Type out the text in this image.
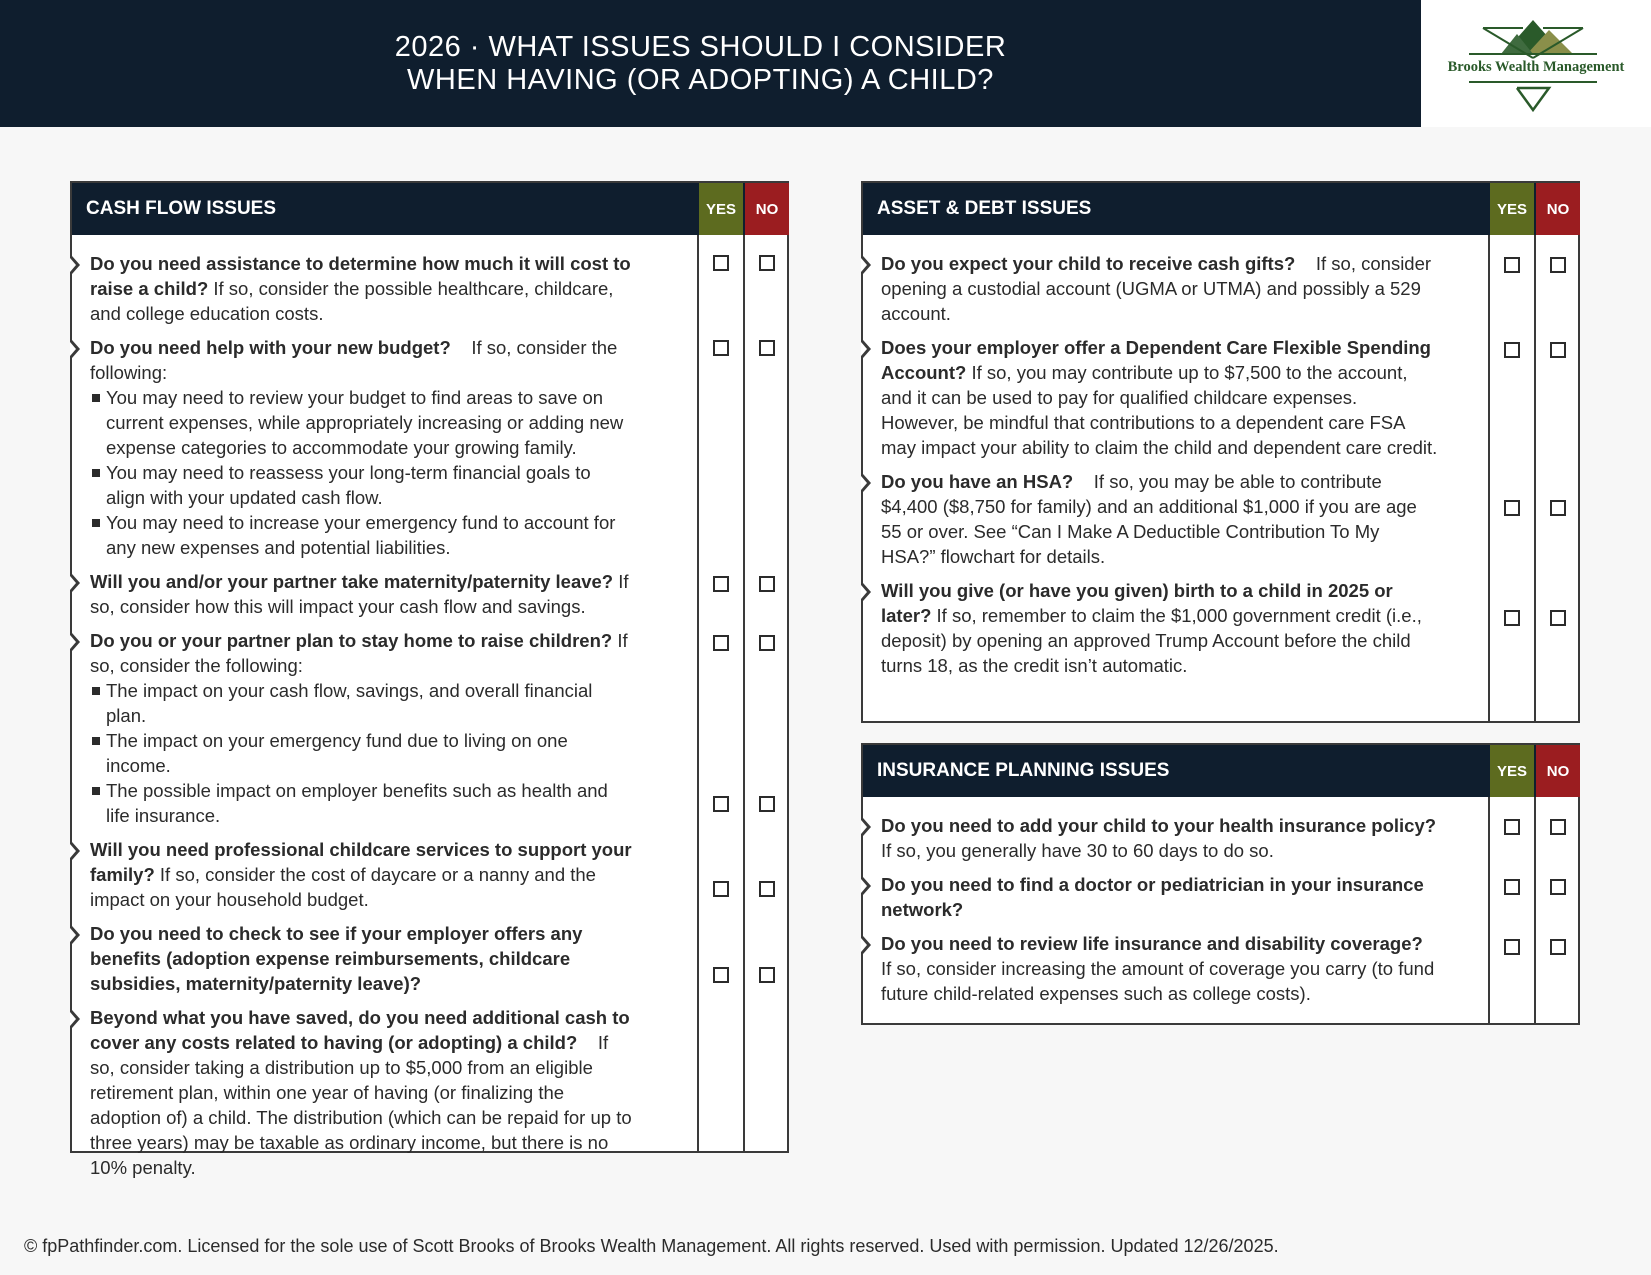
2026 · WHAT ISSUES SHOULD I CONSIDER
WHEN HAVING (OR ADOPTING) A CHILD?	Brooks Wealth Management
CASH FLOW ISSUES	YES	NO
Do you need assistance to determine how much it will cost to raise a child? If so, consider the possible healthcare, childcare, and college education costs.
Do you need help with your new budget? If so, consider the following:
You may need to review your budget to find areas to save on current expenses, while appropriately increasing or adding new expense categories to accommodate your growing family.
You may need to reassess your long-term financial goals to align with your updated cash flow.
You may need to increase your emergency fund to account for any new expenses and potential liabilities.
Will you and/or your partner take maternity/paternity leave? If so, consider how this will impact your cash flow and savings.
Do you or your partner plan to stay home to raise children? If so, consider the following:
The impact on your cash flow, savings, and overall financial plan.
The impact on your emergency fund due to living on one income.
The possible impact on employer benefits such as health and life insurance.
Will you need professional childcare services to support your family? If so, consider the cost of daycare or a nanny and the impact on your household budget.
Do you need to check to see if your employer offers any benefits (adoption expense reimbursements, childcare subsidies, maternity/paternity leave)?
Beyond what you have saved, do you need additional cash to cover any costs related to having (or adopting) a child? If so, consider taking a distribution up to $5,000 from an eligible retirement plan, within one year of having (or finalizing the adoption of) a child. The distribution (which can be repaid for up to three years) may be taxable as ordinary income, but there is no 10% penalty.
ASSET & DEBT ISSUES	YES	NO
Do you expect your child to receive cash gifts? If so, consider opening a custodial account (UGMA or UTMA) and possibly a 529 account.
Does your employer offer a Dependent Care Flexible Spending Account? If so, you may contribute up to $7,500 to the account, and it can be used to pay for qualified childcare expenses. However, be mindful that contributions to a dependent care FSA may impact your ability to claim the child and dependent care credit.
Do you have an HSA? If so, you may be able to contribute $4,400 ($8,750 for family) and an additional $1,000 if you are age 55 or over. See “Can I Make A Deductible Contribution To My HSA?” flowchart for details.
Will you give (or have you given) birth to a child in 2025 or later? If so, remember to claim the $1,000 government credit (i.e., deposit) by opening an approved Trump Account before the child turns 18, as the credit isn’t automatic.
INSURANCE PLANNING ISSUES	YES	NO
Do you need to add your child to your health insurance policy? If so, you generally have 30 to 60 days to do so.
Do you need to find a doctor or pediatrician in your insurance network?
Do you need to review life insurance and disability coverage? If so, consider increasing the amount of coverage you carry (to fund future child-related expenses such as college costs).
© fpPathfinder.com. Licensed for the sole use of Scott Brooks of Brooks Wealth Management. All rights reserved. Used with permission. Updated 12/26/2025.
